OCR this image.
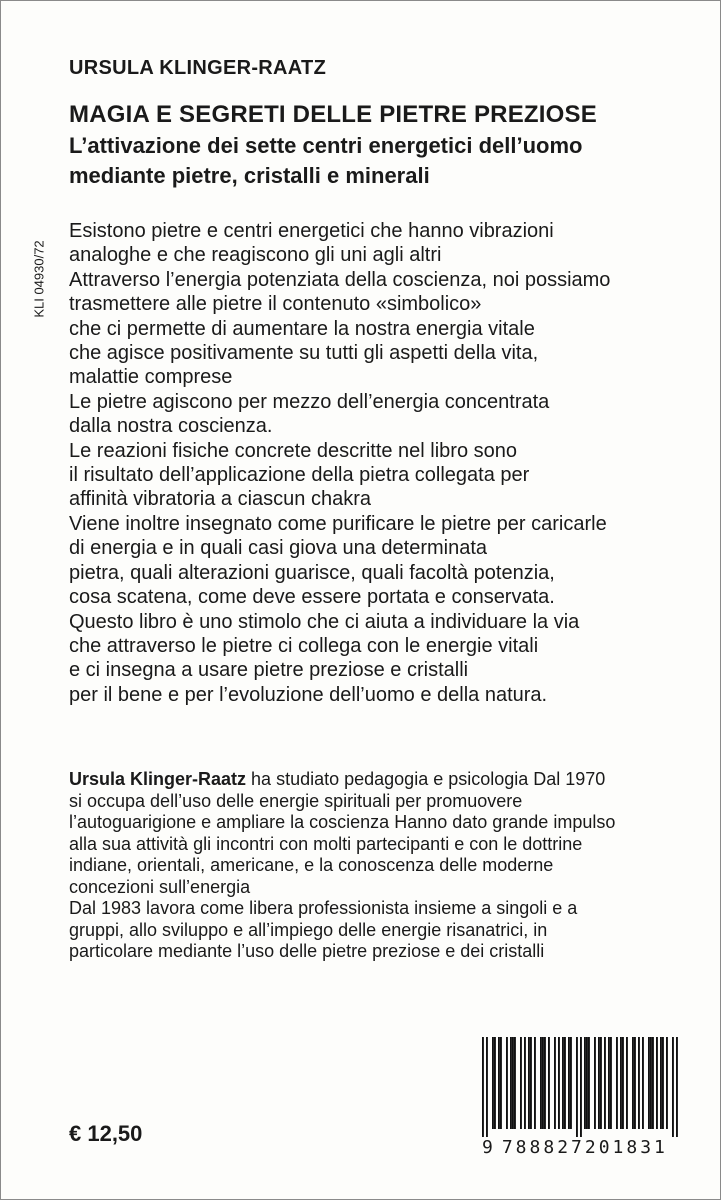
URSULA KLINGER-RAATZ
MAGIA E SEGRETI DELLE PIETRE PREZIOSE
L’attivazione dei sette centri energetici dell’uomo
mediante pietre, cristalli e minerali
KLI 04930/72
Esistono pietre e centri energetici che hanno vibrazioni
analoghe e che reagiscono gli uni agli altri
Attraverso l’energia potenziata della coscienza, noi possiamo
trasmettere alle pietre il contenuto «simbolico»
che ci permette di aumentare la nostra energia vitale
che agisce positivamente su tutti gli aspetti della vita,
malattie comprese
Le pietre agiscono per mezzo dell’energia concentrata
dalla nostra coscienza.
Le reazioni fisiche concrete descritte nel libro sono
il risultato dell’applicazione della pietra collegata per
affinità vibratoria a ciascun chakra
Viene inoltre insegnato come purificare le pietre per caricarle
di energia e in quali casi giova una determinata
pietra, quali alterazioni guarisce, quali facoltà potenzia,
cosa scatena, come deve essere portata e conservata.
Questo libro è uno stimolo che ci aiuta a individuare la via
che attraverso le pietre ci collega con le energie vitali
e ci insegna a usare pietre preziose e cristalli
per il bene e per l’evoluzione dell’uomo e della natura.
Ursula Klinger-Raatz ha studiato pedagogia e psicologia Dal 1970
si occupa dell’uso delle energie spirituali per promuovere
l’autoguarigione e ampliare la coscienza Hanno dato grande impulso
alla sua attività gli incontri con molti partecipanti e con le dottrine
indiane, orientali, americane, e la conoscenza delle moderne
concezioni sull’energia
Dal 1983 lavora come libera professionista insieme a singoli e a
gruppi, allo sviluppo e all’impiego delle energie risanatrici, in
particolare mediante l’uso delle pietre preziose e dei cristalli
€ 12,50
9 788827201831
